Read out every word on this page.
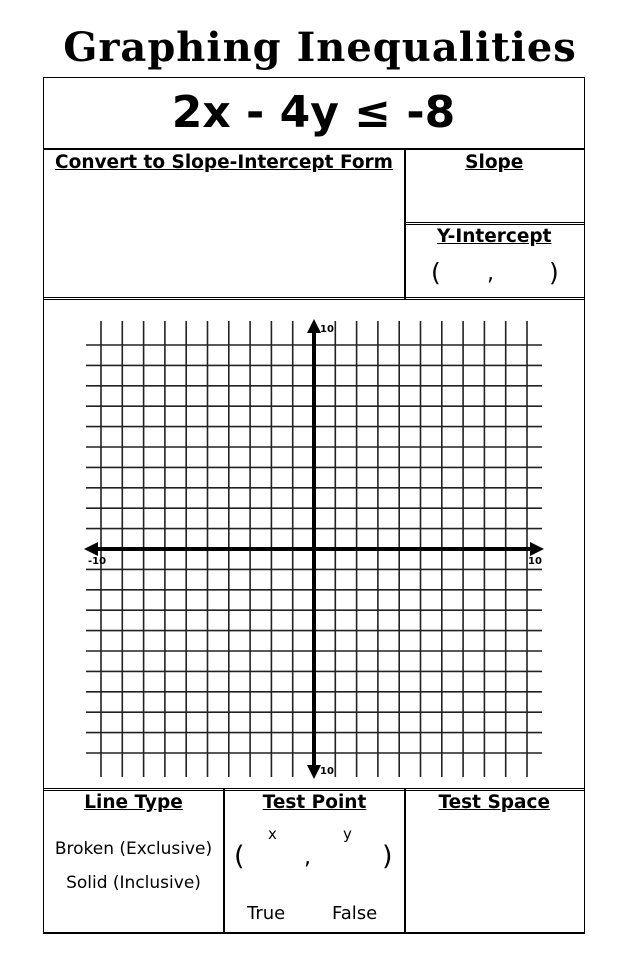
Graphing Inequalities
2x - 4y ≤ -8
Convert to Slope-Intercept Form	Slope
Y-Intercept
( , )
-10	10
10
10
Line Type
Broken (Exclusive)
Solid (Inclusive)
Test Point
x	y
(	,	)
True	False
Test Space
